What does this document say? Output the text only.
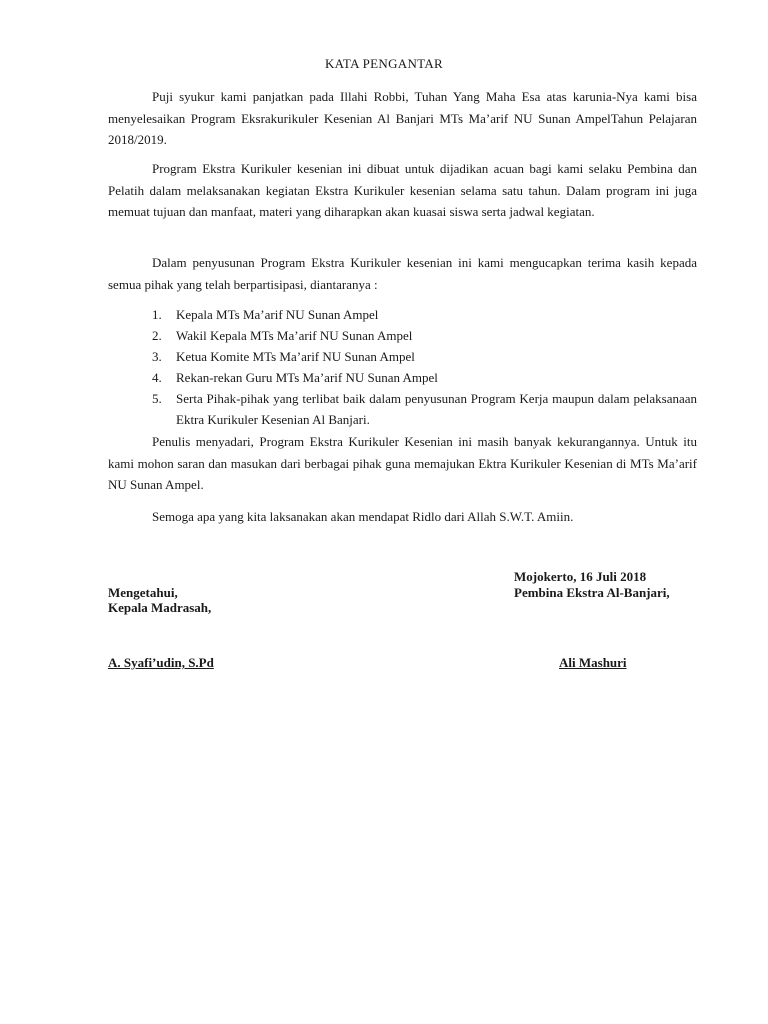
KATA PENGANTAR

Puji syukur kami panjatkan pada Illahi Robbi, Tuhan Yang Maha Esa atas karunia-Nya kami bisa menyelesaikan Program Eksrakurikuler Kesenian Al Banjari MTs Ma’arif NU Sunan AmpelTahun Pelajaran 2018/2019.

Program Ekstra Kurikuler kesenian ini dibuat untuk dijadikan acuan bagi kami selaku Pembina dan Pelatih dalam melaksanakan kegiatan Ekstra Kurikuler kesenian selama satu tahun. Dalam program ini juga memuat tujuan dan manfaat, materi yang diharapkan akan kuasai siswa serta jadwal kegiatan.

Dalam penyusunan Program Ekstra Kurikuler kesenian ini kami mengucapkan terima kasih kepada semua pihak yang telah berpartisipasi, diantaranya :

1.	Kepala MTs Ma’arif NU Sunan Ampel
2.	Wakil Kepala MTs Ma’arif NU Sunan Ampel
3.	Ketua Komite MTs Ma’arif NU Sunan Ampel
4.	Rekan-rekan Guru MTs Ma’arif NU Sunan Ampel
5.	Serta Pihak-pihak yang terlibat baik dalam penyusunan Program Kerja maupun dalam pelaksanaan Ektra Kurikuler Kesenian Al Banjari.

Penulis menyadari, Program Ekstra Kurikuler Kesenian ini masih banyak kekurangannya. Untuk itu kami mohon saran dan masukan dari berbagai pihak guna memajukan Ektra Kurikuler Kesenian di MTs Ma’arif NU Sunan Ampel.

Semoga apa yang kita laksanakan akan mendapat Ridlo dari Allah S.W.T. Amiin.

Mojokerto, 16 Juli 2018
Mengetahui,	Pembina Ekstra Al-Banjari,
Kepala Madrasah,
A. Syafi’udin, S.Pd	Ali Mashuri
